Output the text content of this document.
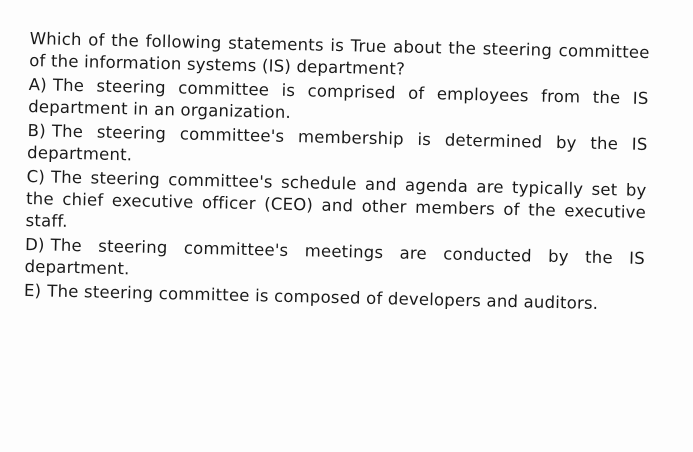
Which of the following statements is True about the steering committee of the information systems (IS) department?
A) The steering committee is comprised of employees from the IS department in an organization.
B) The steering committee's membership is determined by the IS department.
C) The steering committee's schedule and agenda are typically set by the chief executive officer (CEO) and other members of the executive staff.
D) The steering committee's meetings are conducted by the IS department.
E) The steering committee is composed of developers and auditors.
